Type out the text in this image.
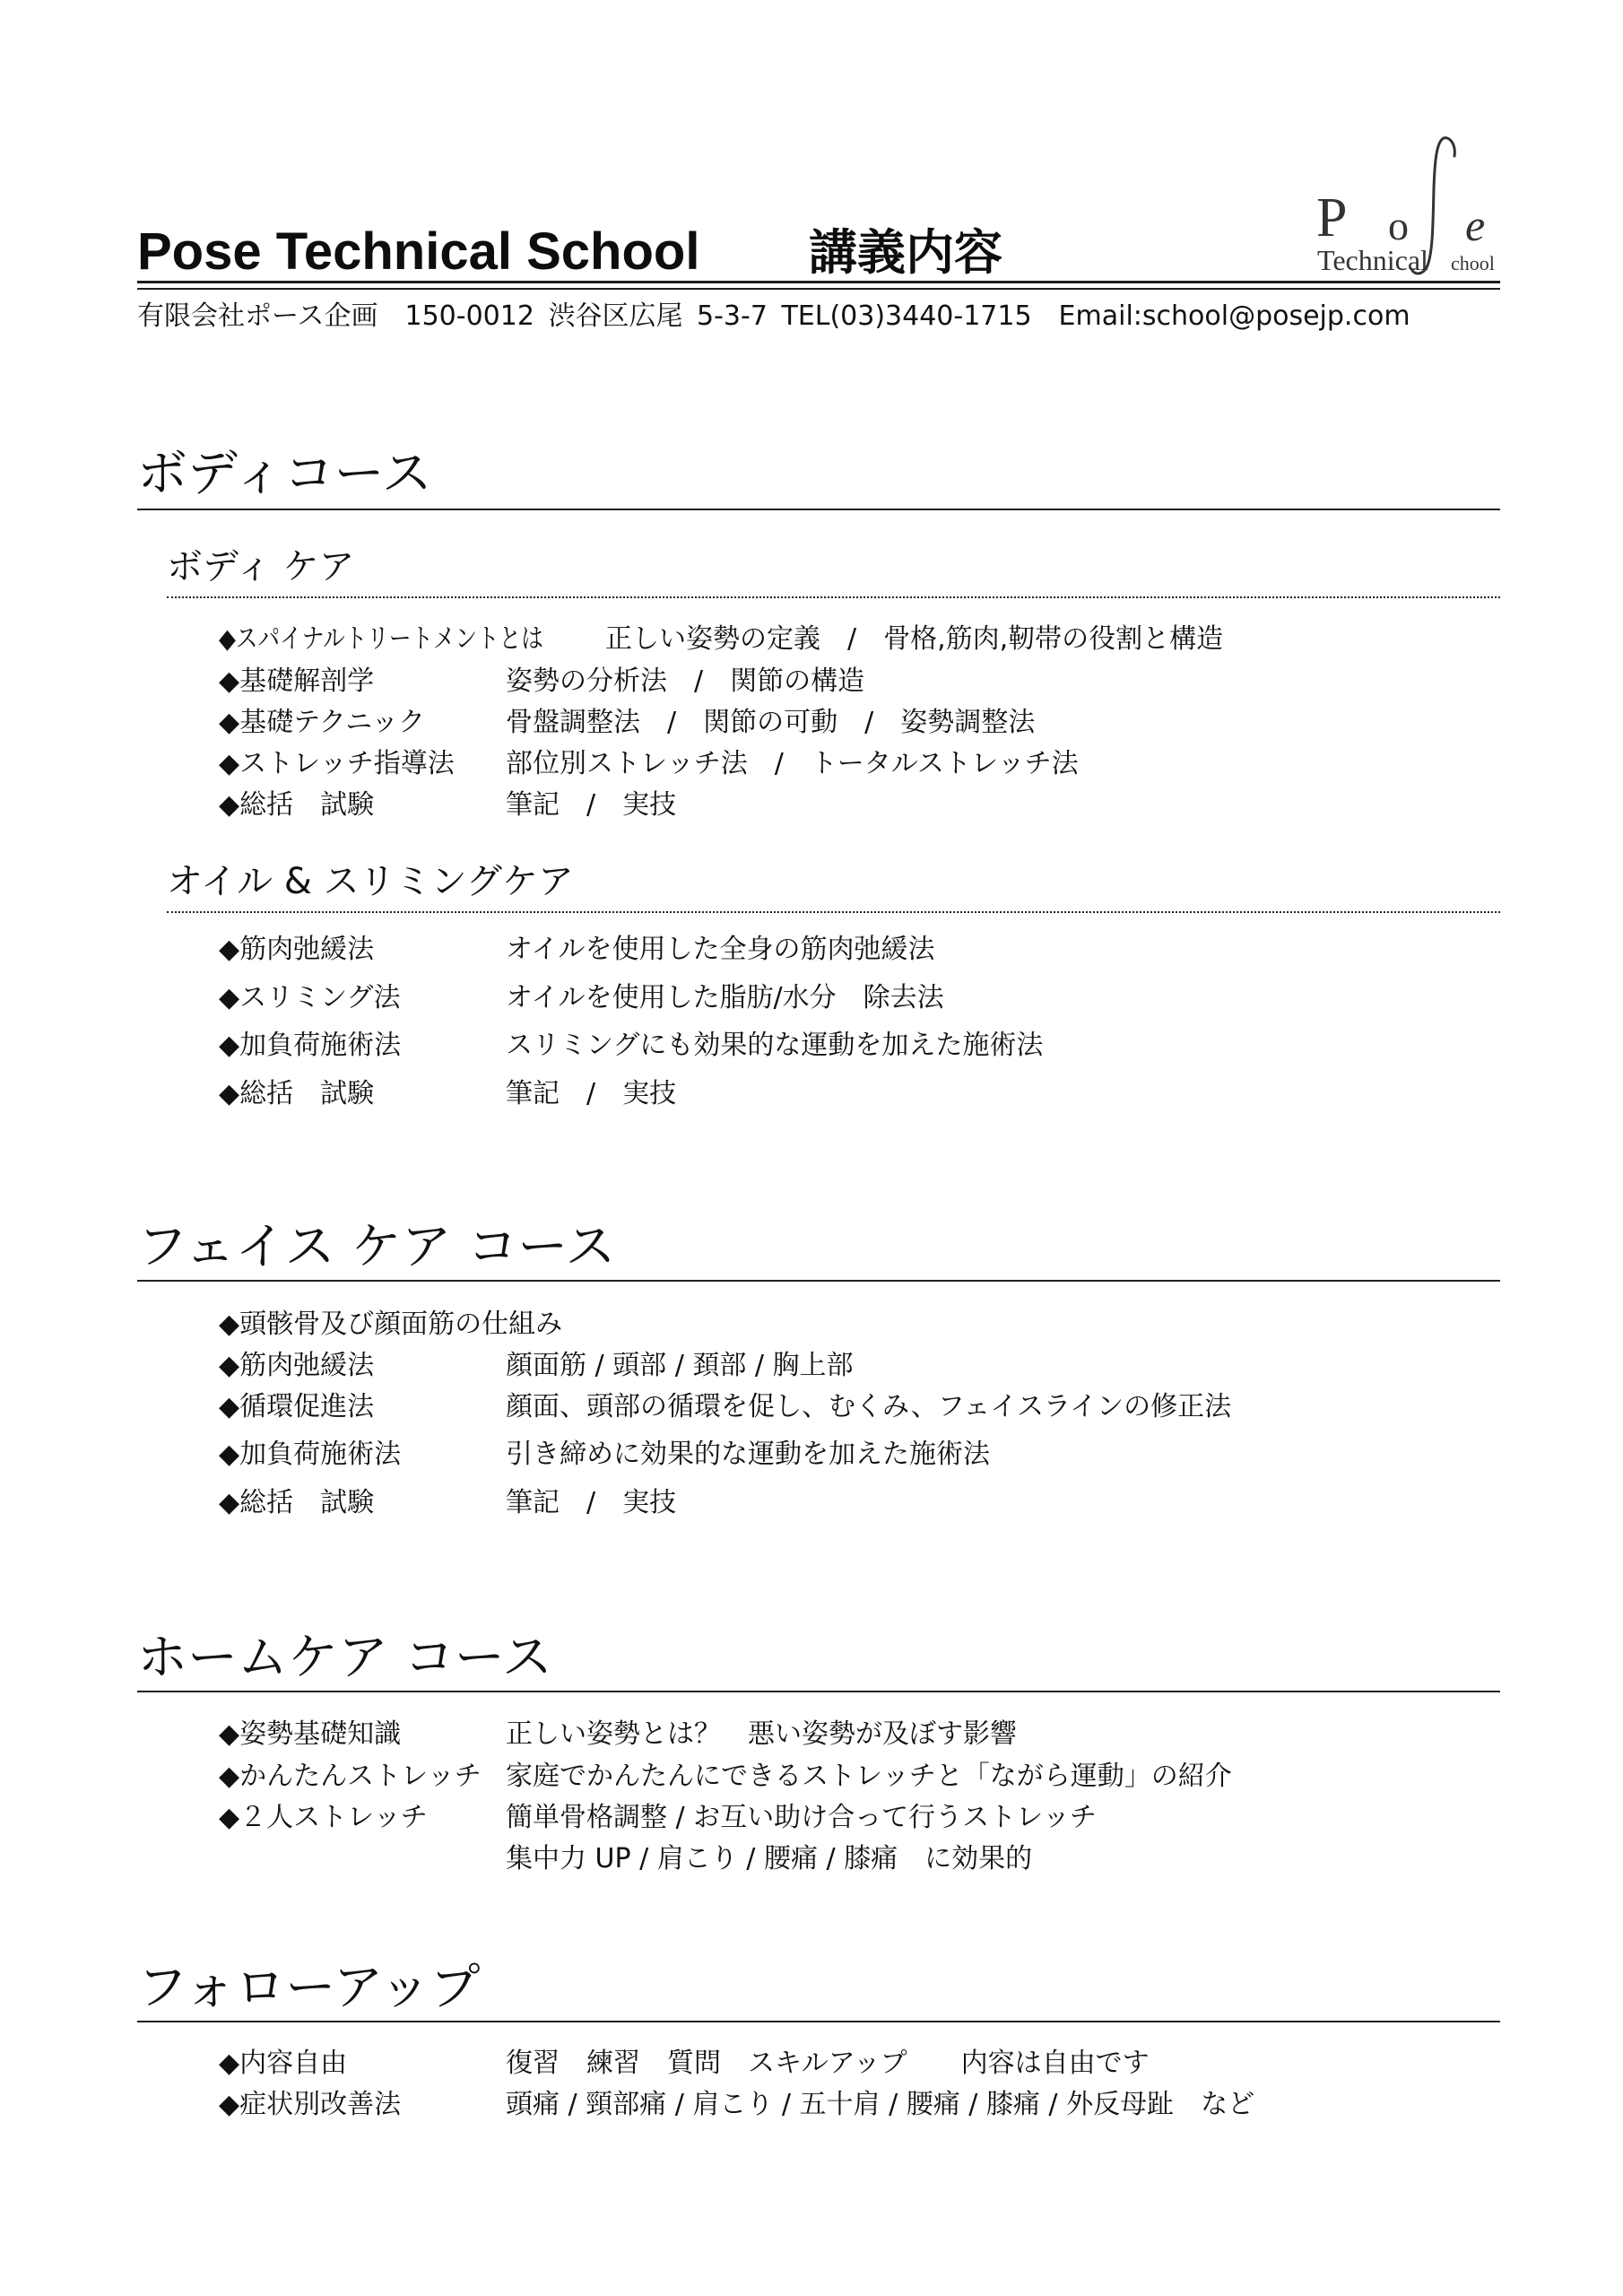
Pose Technical School 講義内容
P o e
Technical chool
有限会社ポース企画　150-0012 渋谷区広尾 5-3-7 TEL(03)3440-1715　Email:school@posejp.com
ボディコース
ボディ ケア
◆スパイナルトリートメントとは 正しい姿勢の定義　/　骨格,筋肉,靭帯の役割と構造
◆基礎解剖学	姿勢の分析法　/　関節の構造
◆基礎テクニック	骨盤調整法　/　関節の可動　/　姿勢調整法
◆ストレッチ指導法 部位別ストレッチ法　/　トータルストレッチ法
◆総括　試験	筆記　/　実技
オイル & スリミングケア
◆筋肉弛緩法	オイルを使用した全身の筋肉弛緩法
◆スリミング法	オイルを使用した脂肪/水分　除去法
◆加負荷施術法	スリミングにも効果的な運動を加えた施術法
◆総括　試験	筆記　/　実技
フェイス ケア コース
◆頭骸骨及び顔面筋の仕組み
◆筋肉弛緩法	顔面筋 / 頭部 / 頚部 / 胸上部
◆循環促進法	顔面、頭部の循環を促し、むくみ、フェイスラインの修正法
◆加負荷施術法	引き締めに効果的な運動を加えた施術法
◆総括　試験	筆記　/　実技
ホームケア コース
◆姿勢基礎知識	正しい姿勢とは？　悪い姿勢が及ぼす影響
◆かんたんストレッチ 家庭でかんたんにできるストレッチと「ながら運動」の紹介
◆２人ストレッチ	簡単骨格調整 / お互い助け合って行うストレッチ
集中力 UP / 肩こり / 腰痛 / 膝痛　に効果的
フォローアップ
◆内容自由	復習　練習　質問　スキルアップ　　内容は自由です
◆症状別改善法	頭痛 / 頸部痛 / 肩こり / 五十肩 / 腰痛 / 膝痛 / 外反母趾　など
